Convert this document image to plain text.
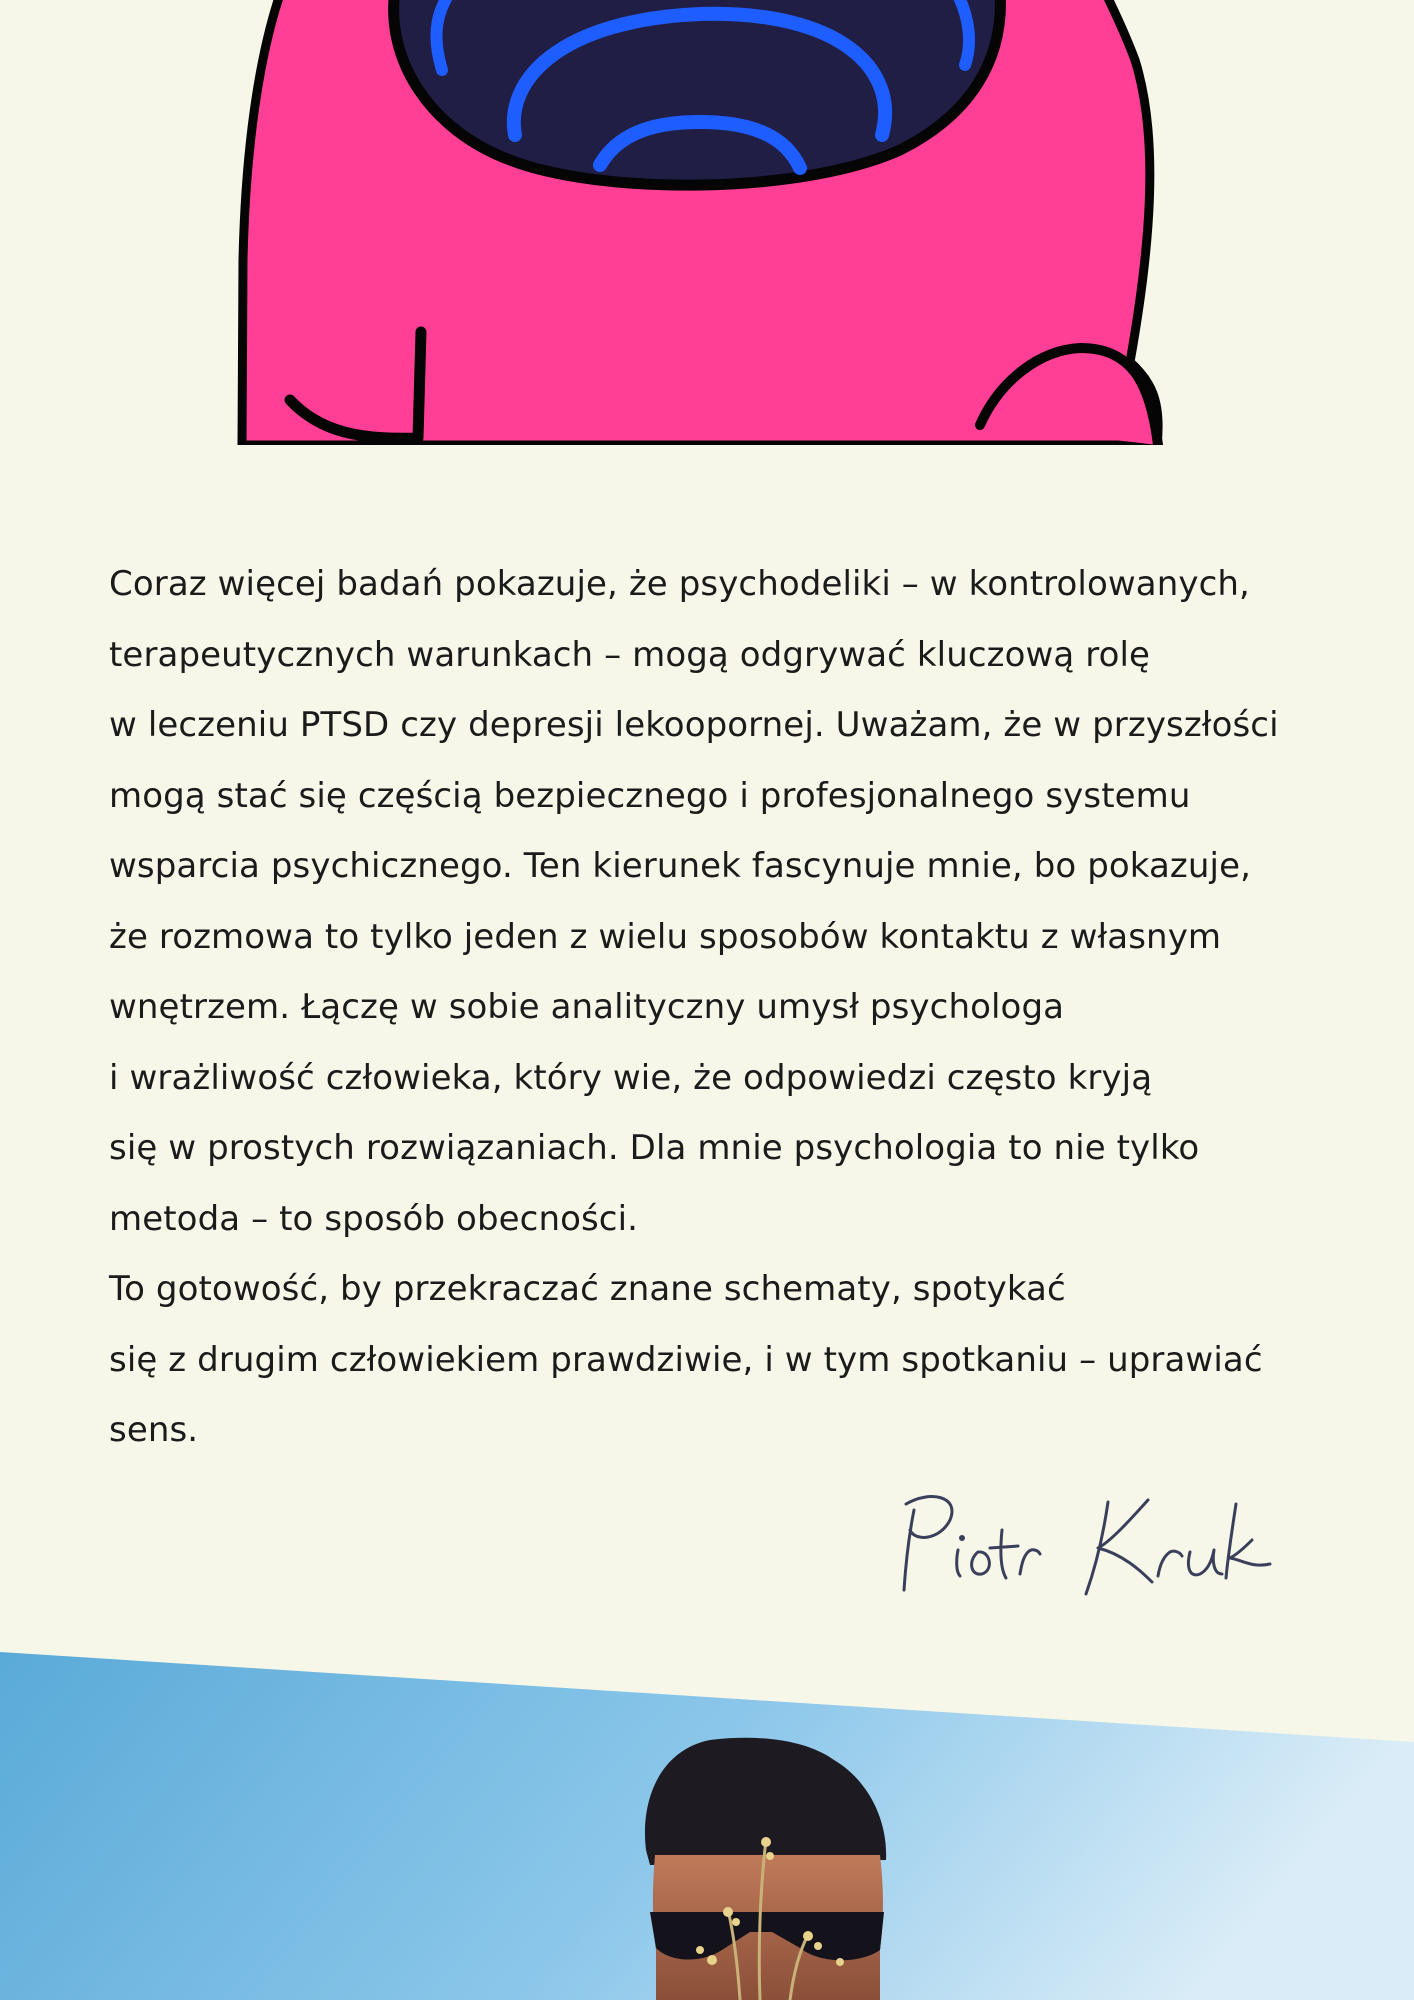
Coraz więcej badań pokazuje, że psychodeliki – w kontrolowanych,

terapeutycznych warunkach – mogą odgrywać kluczową rolę

w leczeniu PTSD czy depresji lekoopornej. Uważam, że w przyszłości

mogą stać się częścią bezpiecznego i profesjonalnego systemu

wsparcia psychicznego. Ten kierunek fascynuje mnie, bo pokazuje,

że rozmowa to tylko jeden z wielu sposobów kontaktu z własnym

wnętrzem. Łączę w sobie analityczny umysł psychologa

i wrażliwość człowieka, który wie, że odpowiedzi często kryją

się w prostych rozwiązaniach. Dla mnie psychologia to nie tylko

metoda – to sposób obecności.

To gotowość, by przekraczać znane schematy, spotykać

się z drugim człowiekiem prawdziwie, i w tym spotkaniu – uprawiać

sens.
